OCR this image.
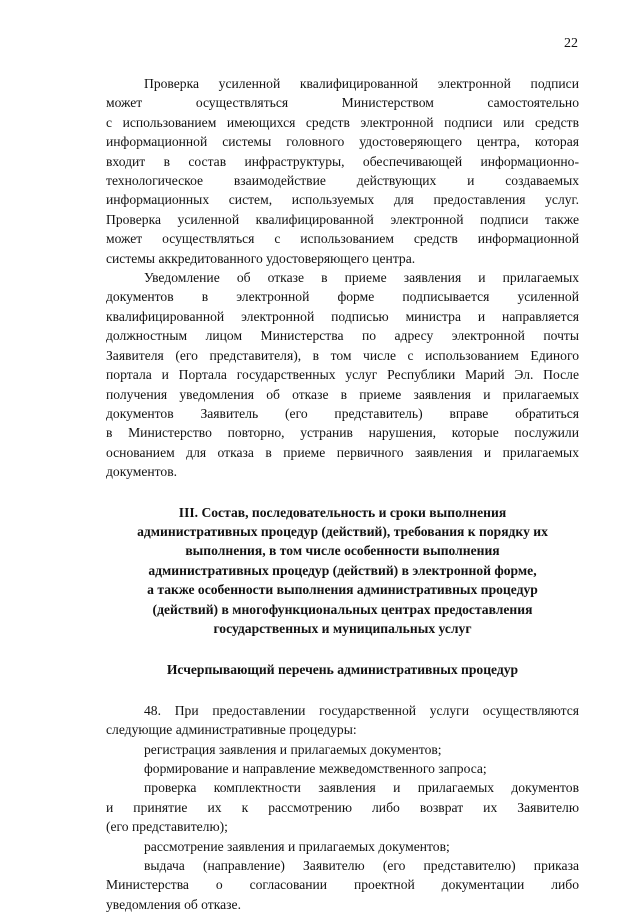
22

Проверка усиленной квалифицированной электронной подписи
может осуществляться Министерством самостоятельно
с использованием имеющихся средств электронной подписи или средств
информационной системы головного удостоверяющего центра, которая
входит в состав инфраструктуры, обеспечивающей информационно-
технологическое взаимодействие действующих и создаваемых
информационных систем, используемых для предоставления услуг.
Проверка усиленной квалифицированной электронной подписи также
может осуществляться с использованием средств информационной
системы аккредитованного удостоверяющего центра.

Уведомление об отказе в приеме заявления и прилагаемых
документов в электронной форме подписывается усиленной
квалифицированной электронной подписью министра и направляется
должностным лицом Министерства по адресу электронной почты
Заявителя (его представителя), в том числе с использованием Единого
портала и Портала государственных услуг Республики Марий Эл. После
получения уведомления об отказе в приеме заявления и прилагаемых
документов Заявитель (его представитель) вправе обратиться
в Министерство повторно, устранив нарушения, которые послужили
основанием для отказа в приеме первичного заявления и прилагаемых
документов.

III. Состав, последовательность и сроки выполнения
административных процедур (действий), требования к порядку их
выполнения, в том числе особенности выполнения
административных процедур (действий) в электронной форме,
а также особенности выполнения административных процедур
(действий) в многофункциональных центрах предоставления
государственных и муниципальных услуг
Исчерпывающий перечень административных процедур

48. При предоставлении государственной услуги осуществляются
следующие административные процедуры:

регистрация заявления и прилагаемых документов;

формирование и направление межведомственного запроса;

проверка комплектности заявления и прилагаемых документов
и принятие их к рассмотрению либо возврат их Заявителю
(его представителю);

рассмотрение заявления и прилагаемых документов;

выдача (направление) Заявителю (его представителю) приказа
Министерства о согласовании проектной документации либо
уведомления об отказе.
